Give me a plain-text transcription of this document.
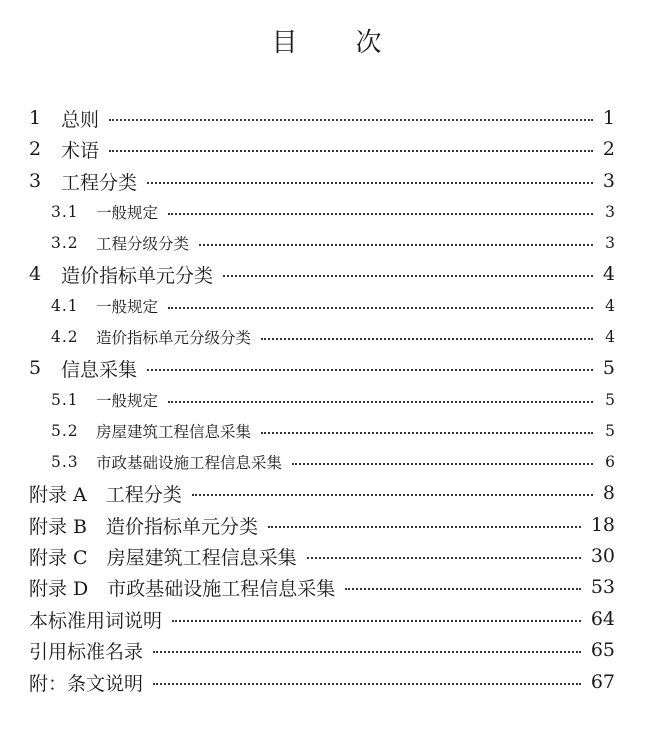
目 次
1	总则	1
2	术语	2
3	工程分类	3
3.1	一般规定	3
3.2	工程分级分类	3
4	造价指标单元分类	4
4.1	一般规定	4
4.2	造价指标单元分级分类	4
5	信息采集	5
5.1	一般规定	5
5.2	房屋建筑工程信息采集	5
5.3	市政基础设施工程信息采集	6
附录 A　工程分类	8
附录 B　造价指标单元分类	18
附录 C　房屋建筑工程信息采集	30
附录 D　市政基础设施工程信息采集	53
本标准用词说明	64
引用标准名录	65
附：条文说明	67
